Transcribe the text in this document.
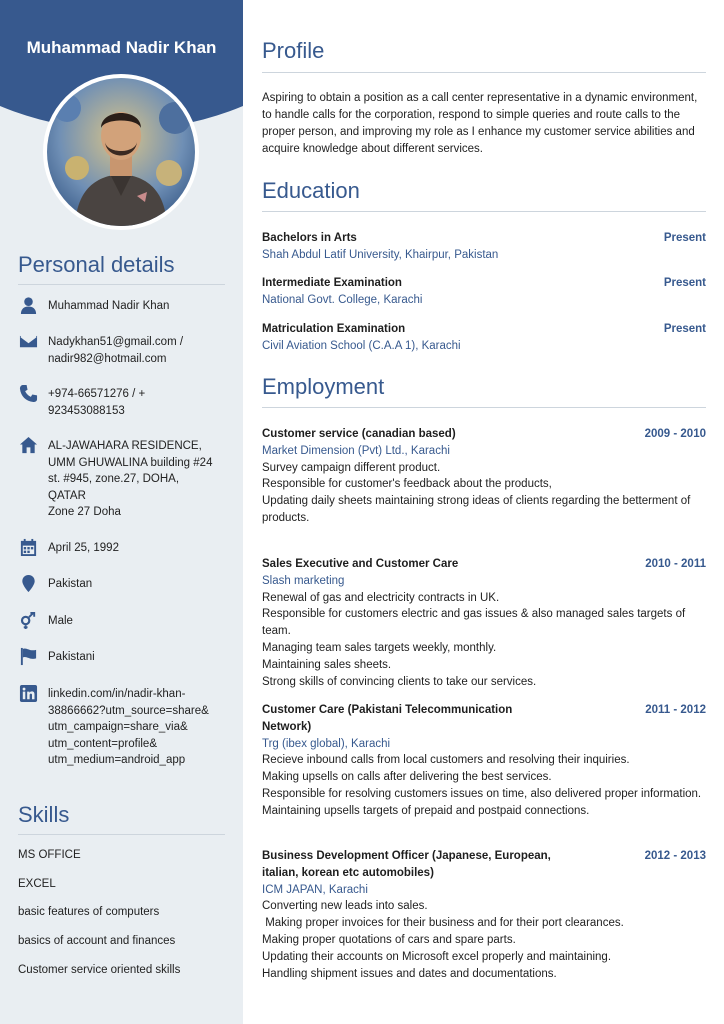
Muhammad Nadir Khan
Personal details
Muhammad Nadir Khan
Nadykhan51@gmail.com /
nadir982@hotmail.com
+974-66571276 / +
923453088153
AL-JAWAHARA RESIDENCE,
UMM GHUWALINA building #24
st. #945, zone.27, DOHA,
QATAR
Zone 27 Doha
April 25, 1992
Pakistan
Male
Pakistani
linkedin.com/in/nadir-khan-
38866662?utm_source=share&
utm_campaign=share_via&
utm_content=profile&
utm_medium=android_app
Skills
MS OFFICE
EXCEL
basic features of computers
basics of account and finances
Customer service oriented skills
Profile
Aspiring to obtain a position as a call center representative in a dynamic environment, to handle calls for the corporation, respond to simple queries and route calls to the proper person, and improving my role as I enhance my customer service abilities and acquire knowledge about different services.
Education
Bachelors in Arts	Present
Shah Abdul Latif University, Khairpur, Pakistan
Intermediate Examination	Present
National Govt. College, Karachi
Matriculation Examination	Present
Civil Aviation School (C.A.A 1), Karachi
Employment
Customer service (canadian based)	2009 - 2010
Market Dimension (Pvt) Ltd., Karachi
Survey campaign different product.
Responsible for customer's feedback about the products,
Updating daily sheets maintaining strong ideas of clients regarding the betterment of products.
Sales Executive and Customer Care	2010 - 2011
Slash marketing
Renewal of gas and electricity contracts in UK.
Responsible for customers electric and gas issues & also managed sales targets of team.
Managing team sales targets weekly, monthly.
Maintaining sales sheets.
Strong skills of convincing clients to take our services.
Customer Care (Pakistani Telecommunication Network)
2011 - 2012
Trg (ibex global), Karachi
Recieve inbound calls from local customers and resolving their inquiries.
Making upsells on calls after delivering the best services.
Responsible for resolving customers issues on time, also delivered proper information.
Maintaining upsells targets of prepaid and postpaid connections.
Business Development Officer (Japanese, European, italian, korean etc automobiles)
2012 - 2013
ICM JAPAN, Karachi
Converting new leads into sales.
Making proper invoices for their business and for their port clearances.
Making proper quotations of cars and spare parts.
Updating their accounts on Microsoft excel properly and maintaining.
Handling shipment issues and dates and documentations.
